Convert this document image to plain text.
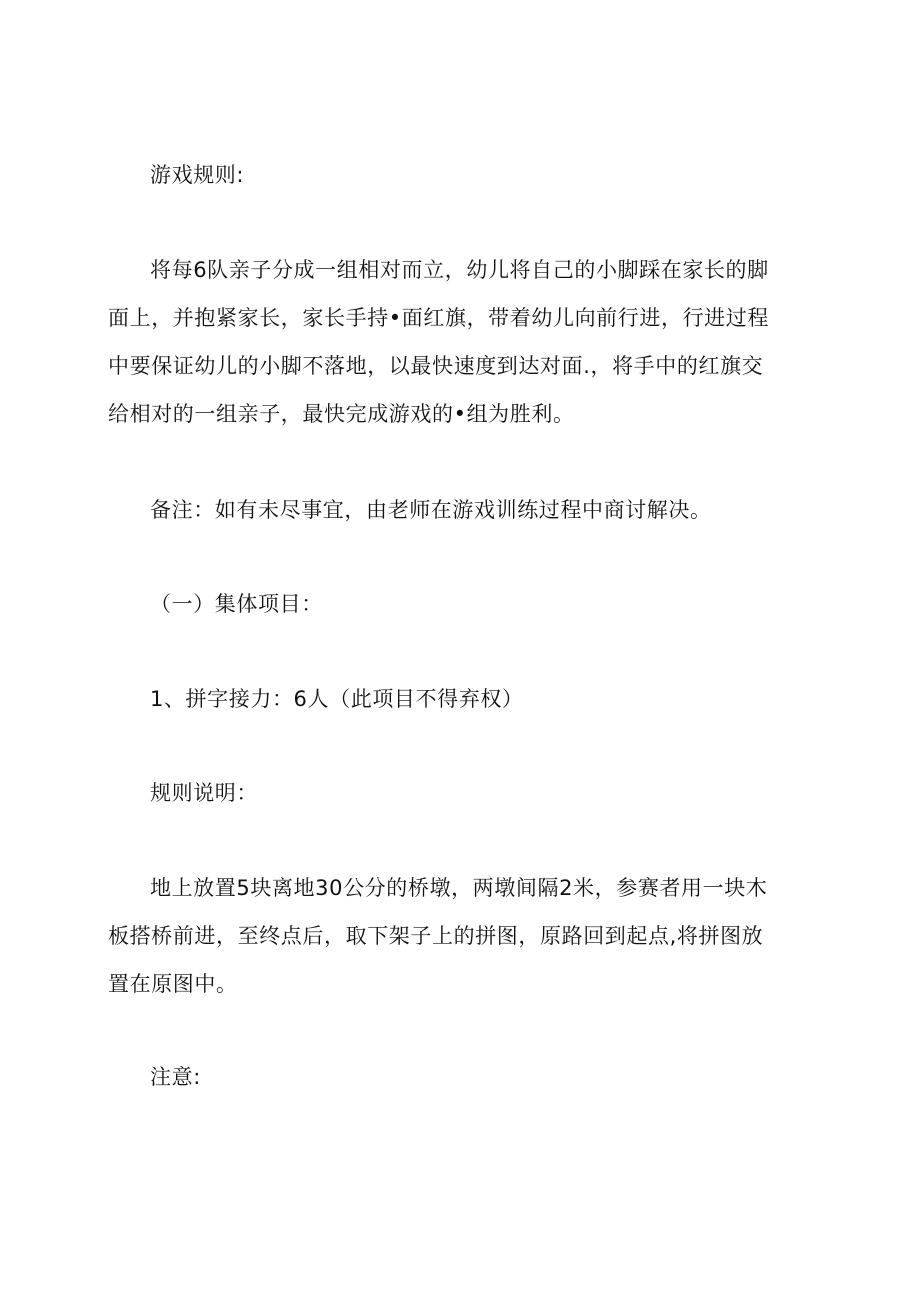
游戏规则:

将每6队亲子分成一组相对而立，幼儿将自己的小脚踩在家长的脚
面上，并抱紧家长，家长手持•面红旗，带着幼儿向前行进，行进过程
中要保证幼儿的小脚不落地，以最快速度到达对面.，将手中的红旗交
给相对的一组亲子，最快完成游戏的•组为胜利。

备注：如有未尽事宜，由老师在游戏训练过程中商讨解决。

（一）集体项目：

1、拼字接力：6人（此项目不得弃权）

规则说明：

地上放置5块离地30公分的桥墩，两墩间隔2米，参赛者用一块木
板搭桥前进，至终点后，取下架子上的拼图，原路回到起点,将拼图放
置在原图中。

注意:
